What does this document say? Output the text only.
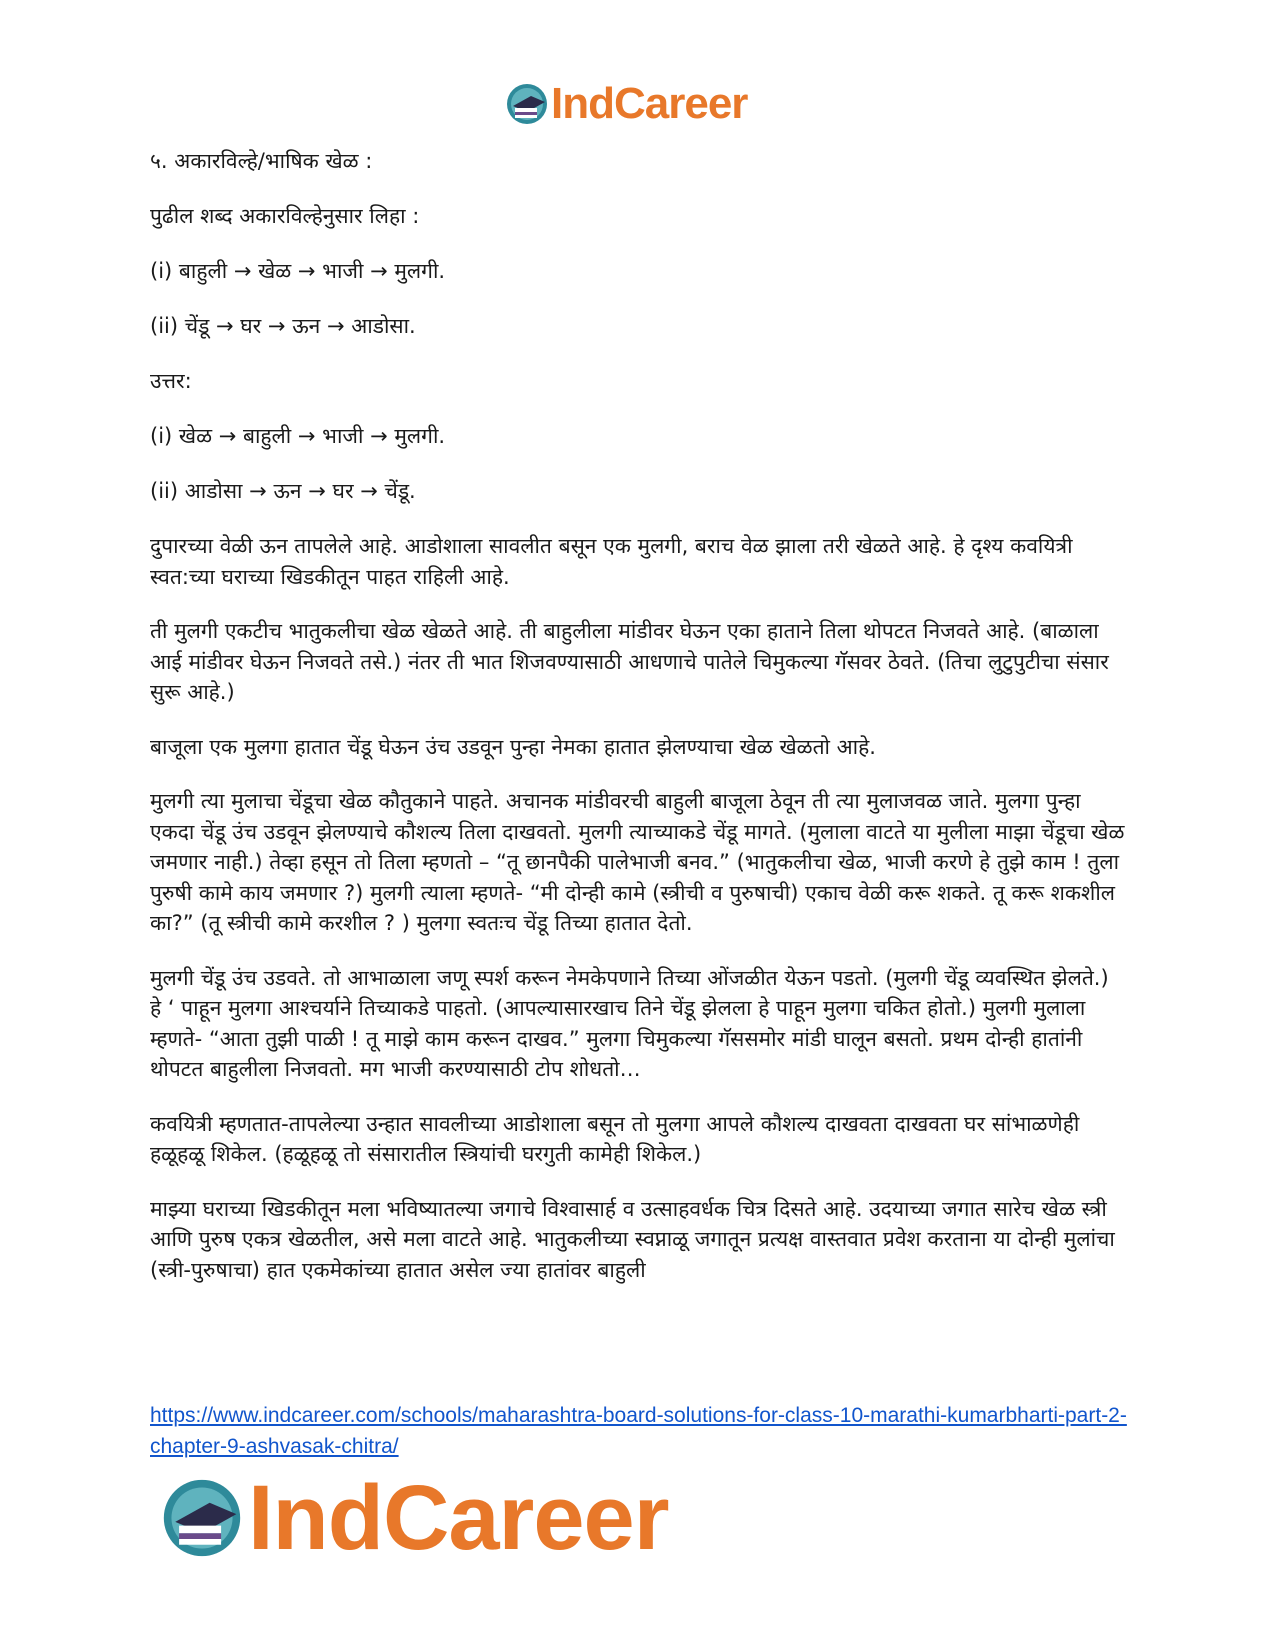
IndCareer

५. अकारविल्हे/भाषिक खेळ :

पुढील शब्द अकारविल्हेनुसार लिहा :

(i) बाहुली → खेळ → भाजी → मुलगी.

(ii) चेंडू → घर → ऊन → आडोसा.

उत्तर:

(i) खेळ → बाहुली → भाजी → मुलगी.

(ii) आडोसा → ऊन → घर → चेंडू.

दुपारच्या वेळी ऊन तापलेले आहे. आडोशाला सावलीत बसून एक मुलगी, बराच वेळ झाला तरी खेळते आहे. हे दृश्य कवयित्री स्वत:च्या घराच्या खिडकीतून पाहत राहिली आहे.

ती मुलगी एकटीच भातुकलीचा खेळ खेळते आहे. ती बाहुलीला मांडीवर घेऊन एका हाताने तिला थोपटत निजवते आहे. (बाळाला आई मांडीवर घेऊन निजवते तसे.) नंतर ती भात शिजवण्यासाठी आधणाचे पातेले चिमुकल्या गॅसवर ठेवते. (तिचा लुटुपुटीचा संसार सुरू आहे.)

बाजूला एक मुलगा हातात चेंडू घेऊन उंच उडवून पुन्हा नेमका हातात झेलण्याचा खेळ खेळतो आहे.

मुलगी त्या मुलाचा चेंडूचा खेळ कौतुकाने पाहते. अचानक मांडीवरची बाहुली बाजूला ठेवून ती त्या मुलाजवळ जाते. मुलगा पुन्हा एकदा चेंडू उंच उडवून झेलण्याचे कौशल्य तिला दाखवतो. मुलगी त्याच्याकडे चेंडू मागते. (मुलाला वाटते या मुलीला माझा चेंडूचा खेळ जमणार नाही.) तेव्हा हसून तो तिला म्हणतो – “तू छानपैकी पालेभाजी बनव.” (भातुकलीचा खेळ, भाजी करणे हे तुझे काम ! तुला पुरुषी कामे काय जमणार ?) मुलगी त्याला म्हणते- “मी दोन्ही कामे (स्त्रीची व पुरुषाची) एकाच वेळी करू शकते. तू करू शकशील का?” (तू स्त्रीची कामे करशील ? ) मुलगा स्वतःच चेंडू तिच्या हातात देतो.

मुलगी चेंडू उंच उडवते. तो आभाळाला जणू स्पर्श करून नेमकेपणाने तिच्या ओंजळीत येऊन पडतो. (मुलगी चेंडू व्यवस्थित झेलते.) हे ‘ पाहून मुलगा आश्चर्याने तिच्याकडे पाहतो. (आपल्यासारखाच तिने चेंडू झेलला हे पाहून मुलगा चकित होतो.) मुलगी मुलाला म्हणते- “आता तुझी पाळी ! तू माझे काम करून दाखव.” मुलगा चिमुकल्या गॅससमोर मांडी घालून बसतो. प्रथम दोन्ही हातांनी थोपटत बाहुलीला निजवतो. मग भाजी करण्यासाठी टोप शोधतो…

कवयित्री म्हणतात-तापलेल्या उन्हात सावलीच्या आडोशाला बसून तो मुलगा आपले कौशल्य दाखवता दाखवता घर सांभाळणेही हळूहळू शिकेल. (हळूहळू तो संसारातील स्त्रियांची घरगुती कामेही शिकेल.)

माझ्या घराच्या खिडकीतून मला भविष्यातल्या जगाचे विश्वासार्ह व उत्साहवर्धक चित्र दिसते आहे. उदयाच्या जगात सारेच खेळ स्त्री आणि पुरुष एकत्र खेळतील, असे मला वाटते आहे. भातुकलीच्या स्वप्नाळू जगातून प्रत्यक्ष वास्तवात प्रवेश करताना या दोन्ही मुलांचा (स्त्री-पुरुषाचा) हात एकमेकांच्या हातात असेल ज्या हातांवर बाहुली

https://www.indcareer.com/schools/maharashtra-board-solutions-for-class-10-marathi-kumarbharti-part-2-chapter-9-ashvasak-chitra/
IndCareer
